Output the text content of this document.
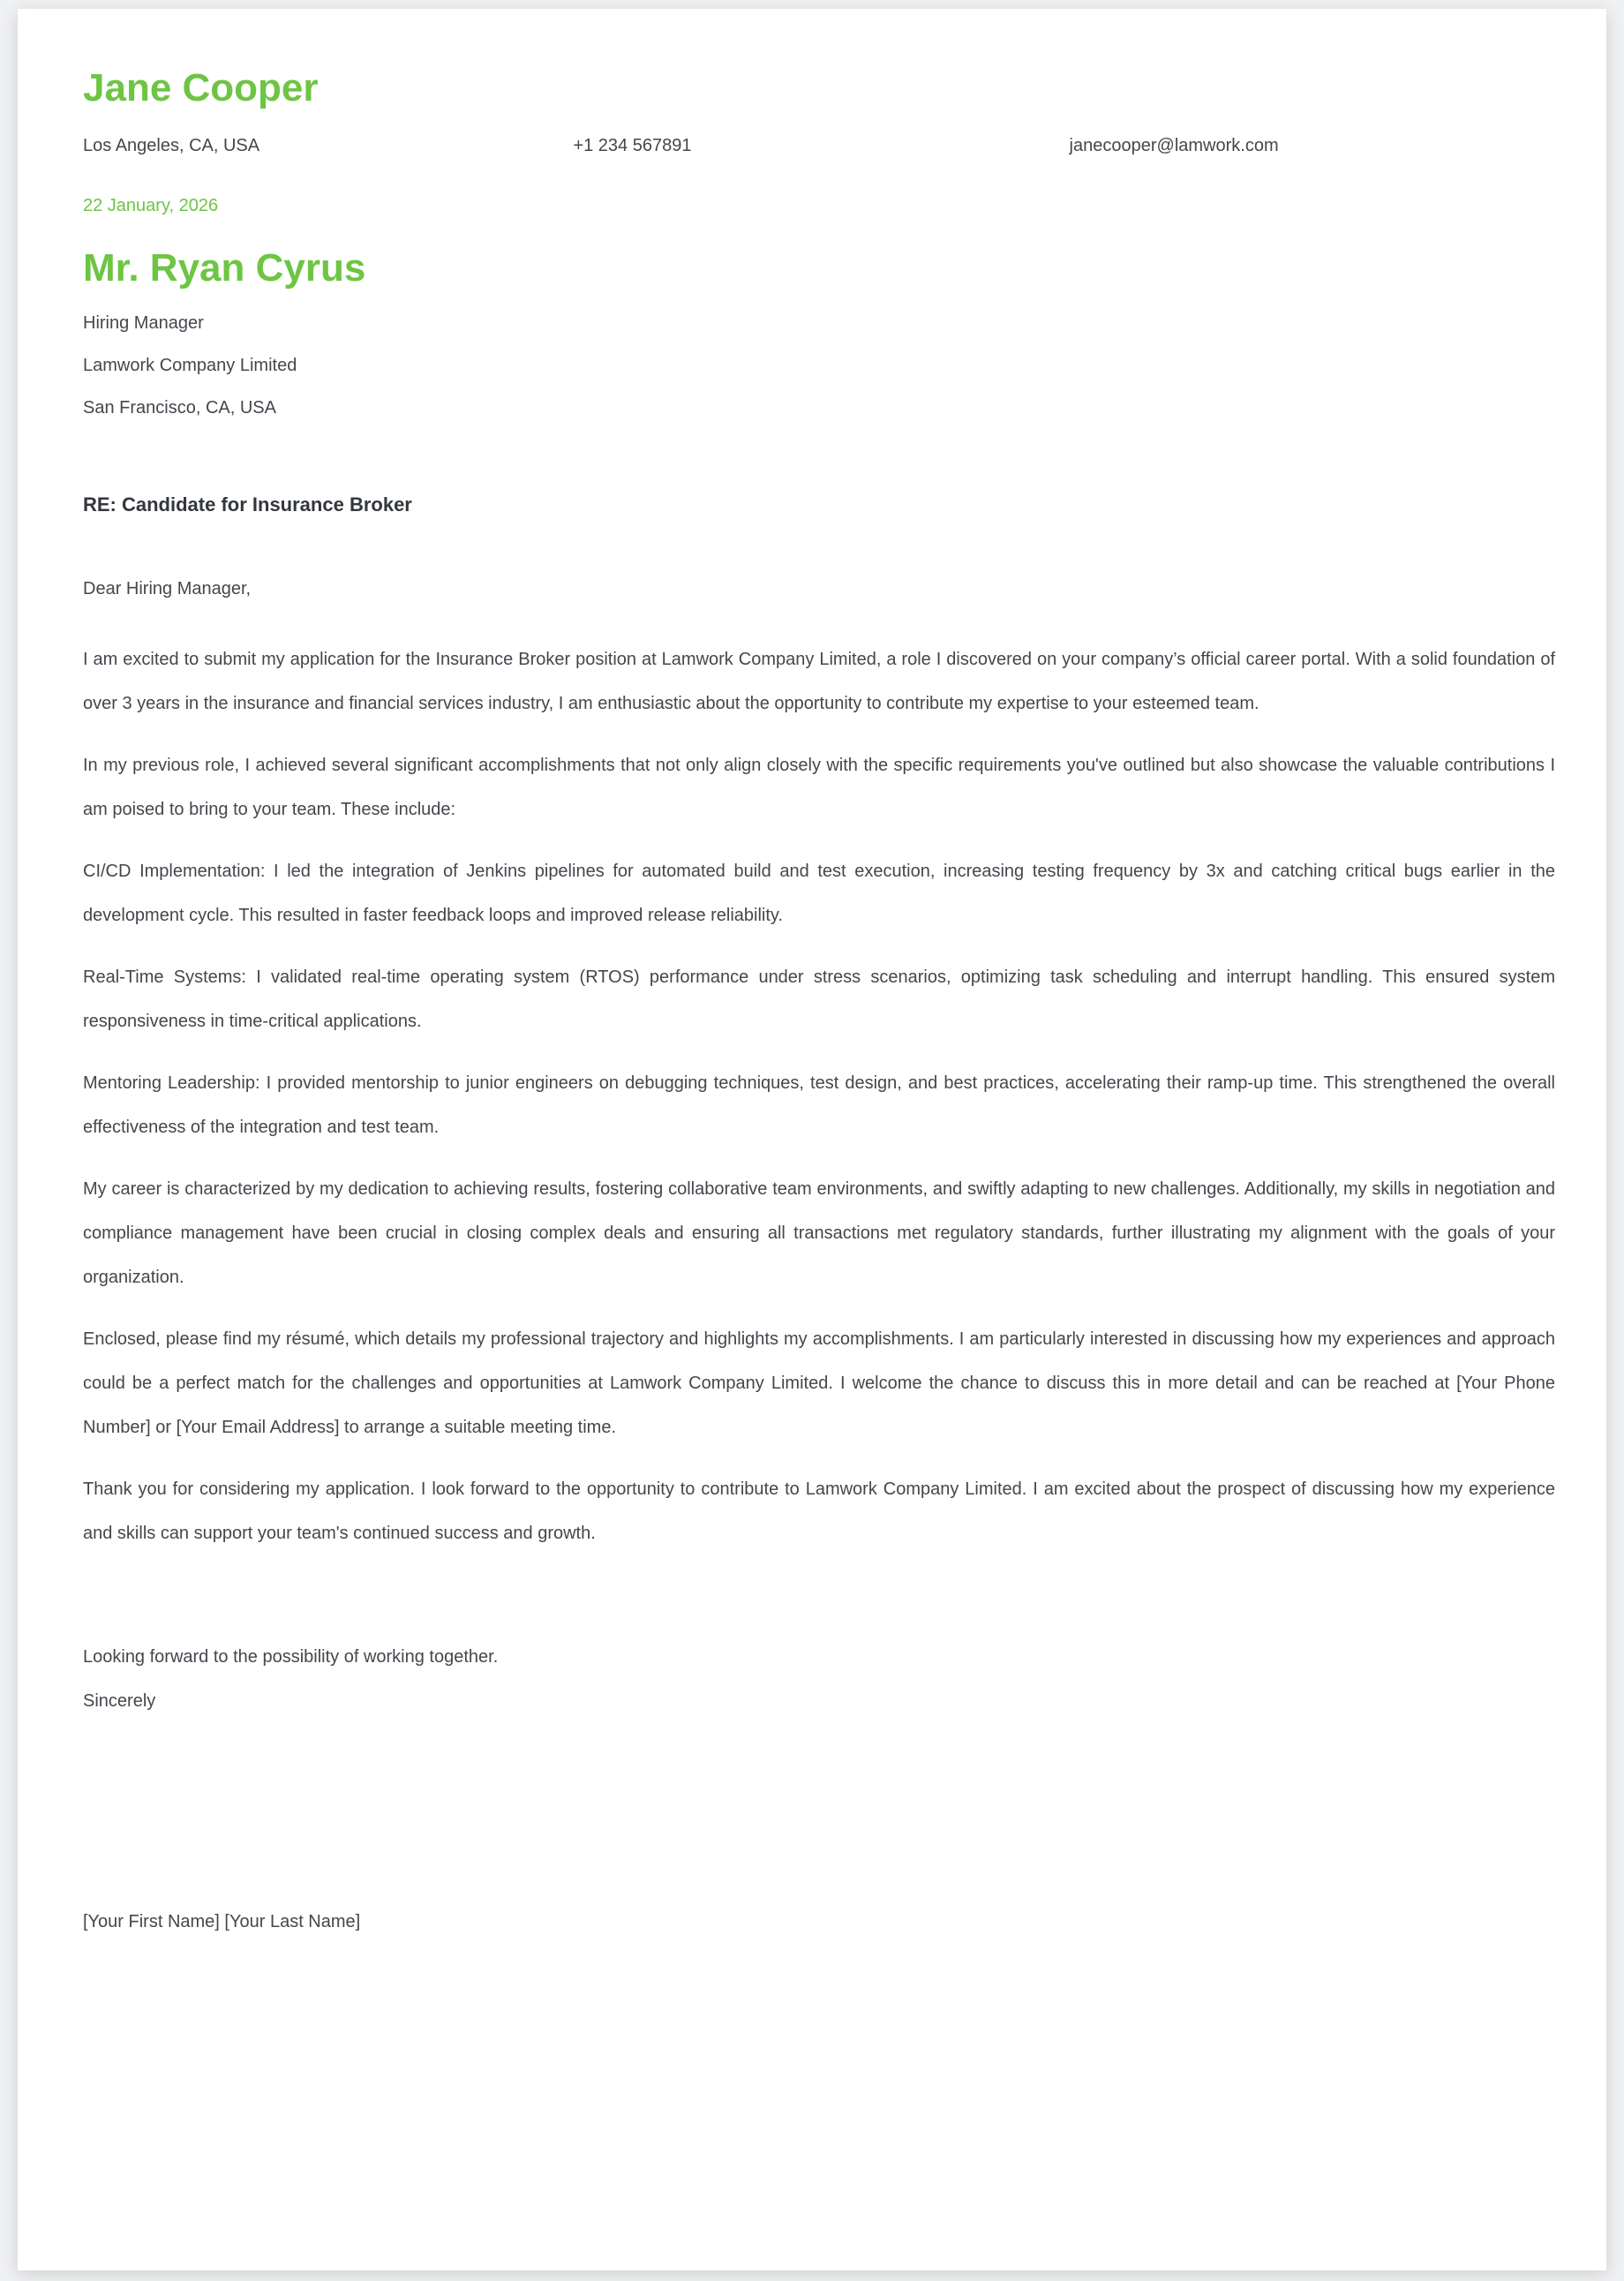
Jane Cooper
Los Angeles, CA, USA	+1 234 567891	janecooper@lamwork.com
22 January, 2026
Mr. Ryan Cyrus
Hiring Manager
Lamwork Company Limited
San Francisco, CA, USA
RE: Candidate for Insurance Broker
Dear Hiring Manager,

I am excited to submit my application for the Insurance Broker position at Lamwork Company Limited, a role I discovered on your company’s official career portal. With a solid foundation of over 3 years in the insurance and financial services industry, I am enthusiastic about the opportunity to contribute my expertise to your esteemed team.

In my previous role, I achieved several significant accomplishments that not only align closely with the specific requirements you've outlined but also showcase the valuable contributions I am poised to bring to your team. These include:

CI/CD Implementation: I led the integration of Jenkins pipelines for automated build and test execution, increasing testing frequency by 3x and catching critical bugs earlier in the development cycle. This resulted in faster feedback loops and improved release reliability.

Real-Time Systems: I validated real-time operating system (RTOS) performance under stress scenarios, optimizing task scheduling and interrupt handling. This ensured system responsiveness in time-critical applications.

Mentoring Leadership: I provided mentorship to junior engineers on debugging techniques, test design, and best practices, accelerating their ramp-up time. This strengthened the overall effectiveness of the integration and test team.

My career is characterized by my dedication to achieving results, fostering collaborative team environments, and swiftly adapting to new challenges. Additionally, my skills in negotiation and compliance management have been crucial in closing complex deals and ensuring all transactions met regulatory standards, further illustrating my alignment with the goals of your organization.

Enclosed, please find my résumé, which details my professional trajectory and highlights my accomplishments. I am particularly interested in discussing how my experiences and approach could be a perfect match for the challenges and opportunities at Lamwork Company Limited. I welcome the chance to discuss this in more detail and can be reached at [Your Phone Number] or [Your Email Address] to arrange a suitable meeting time.

Thank you for considering my application. I look forward to the opportunity to contribute to Lamwork Company Limited. I am excited about the prospect of discussing how my experience and skills can support your team's continued success and growth.

Looking forward to the possibility of working together.
Sincerely
[Your First Name] [Your Last Name]
